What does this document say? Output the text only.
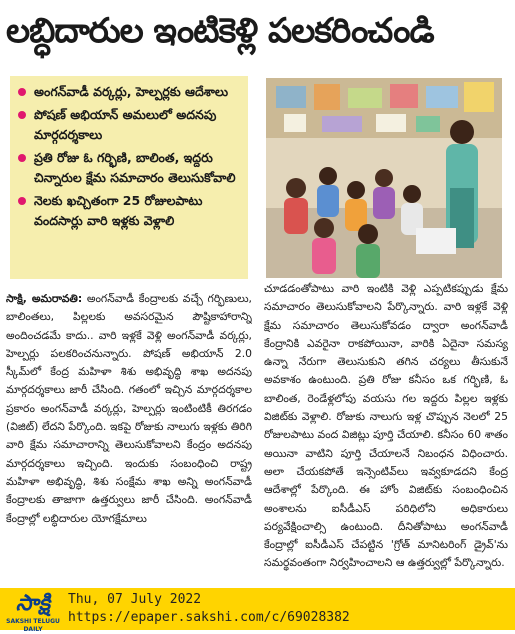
లబ్ధిదారుల ఇంటికెళ్లి పలకరించండి
అంగన్‌వాడీ వర్కర్లు, హెల్పర్లకు ఆదేశాలు
పోషణ్‌ అభియాన్‌ అమలులో అదనపు మార్గదర్శకాలు
ప్రతి రోజు ఓ గర్భిణి, బాలింత, ఇద్దరు చిన్నారుల క్షేమ సమాచారం తెలుసుకోవాలి
నెలకు ఖచ్చితంగా 25 రోజులపాటు వందసార్లు వారి ఇళ్లకు వెళ్లాలి

సాక్షి, అమరావతి: అంగన్‌వాడీ కేంద్రాలకు వచ్చే గర్భిణులు, బాలింతలు, పిల్లలకు అవసరమైన పౌష్టికాహారాన్ని అందించడమే కాదు.. వారి ఇళ్లకే వెళ్లి అంగన్‌వాడీ వర్కర్లు, హెల్పర్లు పలకరించనున్నారు. పోషణ్‌ అభియాన్‌ 2.0 స్కీమ్‌లో కేంద్ర మహిళా శిశు అభివృద్ధి శాఖ అదనపు మార్గదర్శకాలు జారీ చేసింది. గతంలో ఇచ్చిన మార్గదర్శకాల ప్రకారం అంగన్‌వాడీ వర్కర్లు, హెల్పర్లు ఇంటింటికీ తిరగడం (విజిట్‌) లేదని పేర్కొంది. ఇకపై రోజుకు నాలుగు ఇళ్లకు తిరిగి వారి క్షేమ సమాచారాన్ని తెలుసుకోవాలని కేంద్రం అదనపు మార్గదర్శకాలు ఇచ్చింది. ఇందుకు సంబంధించి రాష్ట్ర మహిళా అభివృద్ధి, శిశు సంక్షేమ శాఖ అన్ని అంగన్‌వాడీ కేంద్రాలకు తాజాగా ఉత్తర్వులు జారీ చేసింది. అంగన్‌వాడీ కేంద్రాల్లో లబ్ధిదారుల యోగక్షేమాలు

చూడడంతోపాటు వారి ఇంటికి వెళ్లి ఎప్పటికప్పుడు క్షేమ సమాచారం తెలుసుకోవాలని పేర్కొన్నారు. వారి ఇళ్లకే వెళ్లి క్షేమ సమాచారం తెలుసుకోవడం ద్వారా అంగన్‌వాడీ కేంద్రానికి ఎవరైనా రాకపోయినా, వారికి ఏదైనా సమస్య ఉన్నా నేరుగా తెలుసుకుని తగిన చర్యలు తీసుకునే అవకాశం ఉంటుంది. ప్రతి రోజు కనీసం ఒక గర్భిణి, ఓ బాలింత, రెండేళ్లలోపు వయసు గల ఇద్దరు పిల్లల ఇళ్లకు విజిట్‌కు వెళ్లాలి. రోజుకు నాలుగు ఇళ్ల చొప్పున నెలలో 25 రోజులపాటు వంద విజిట్లు పూర్తి చేయాలి. కనీసం 60 శాతం అయినా వాటిని పూర్తి చేయాలనే నిబంధన విధించారు. అలా చేయకపోతే ఇన్సెంటివ్‌లు ఇవ్వకూడదని కేంద్ర ఆదేశాల్లో పేర్కొంది. ఈ హోం విజిట్‌కు సంబంధించిన అంశాలను ఐసీడీఎస్‌ పరిధిలోని అధికారులు పర్యవేక్షించాల్సి ఉంటుంది. దీనితోపాటు అంగన్‌వాడీ కేంద్రాల్లో ఐసీడీఎస్‌ చేపట్టిన 'గ్రోత్‌ మానిటరింగ్‌ డ్రైవ్‌'ను సమర్థవంతంగా నిర్వహించాలని ఆ ఉత్తర్వుల్లో పేర్కొన్నారు.

సాక్షి
SAKSHI TELUGU DAILY
Thu, 07 July 2022
https://epaper.sakshi.com/c/69028382
